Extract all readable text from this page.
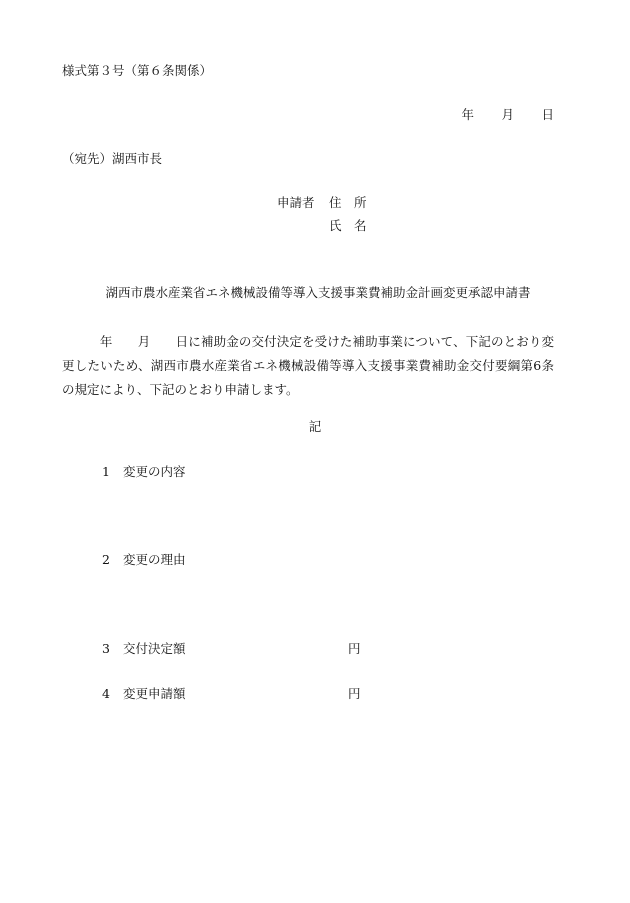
様式第３号（第６条関係）
年	月	日
（宛先）湖西市長
申請者	住　所
氏　名
湖西市農水産業省エネ機械設備等導入支援事業費補助金計画変更承認申請書
　　　年　　月　　日に補助金の交付決定を受けた補助事業について、下記のとおり変更したいため、湖西市農水産業省エネ機械設備等導入支援事業費補助金交付要綱第6条の規定により、下記のとおり申請します。
記
1	変更の内容
2	変更の理由
3	交付決定額	円
4	変更申請額	円
